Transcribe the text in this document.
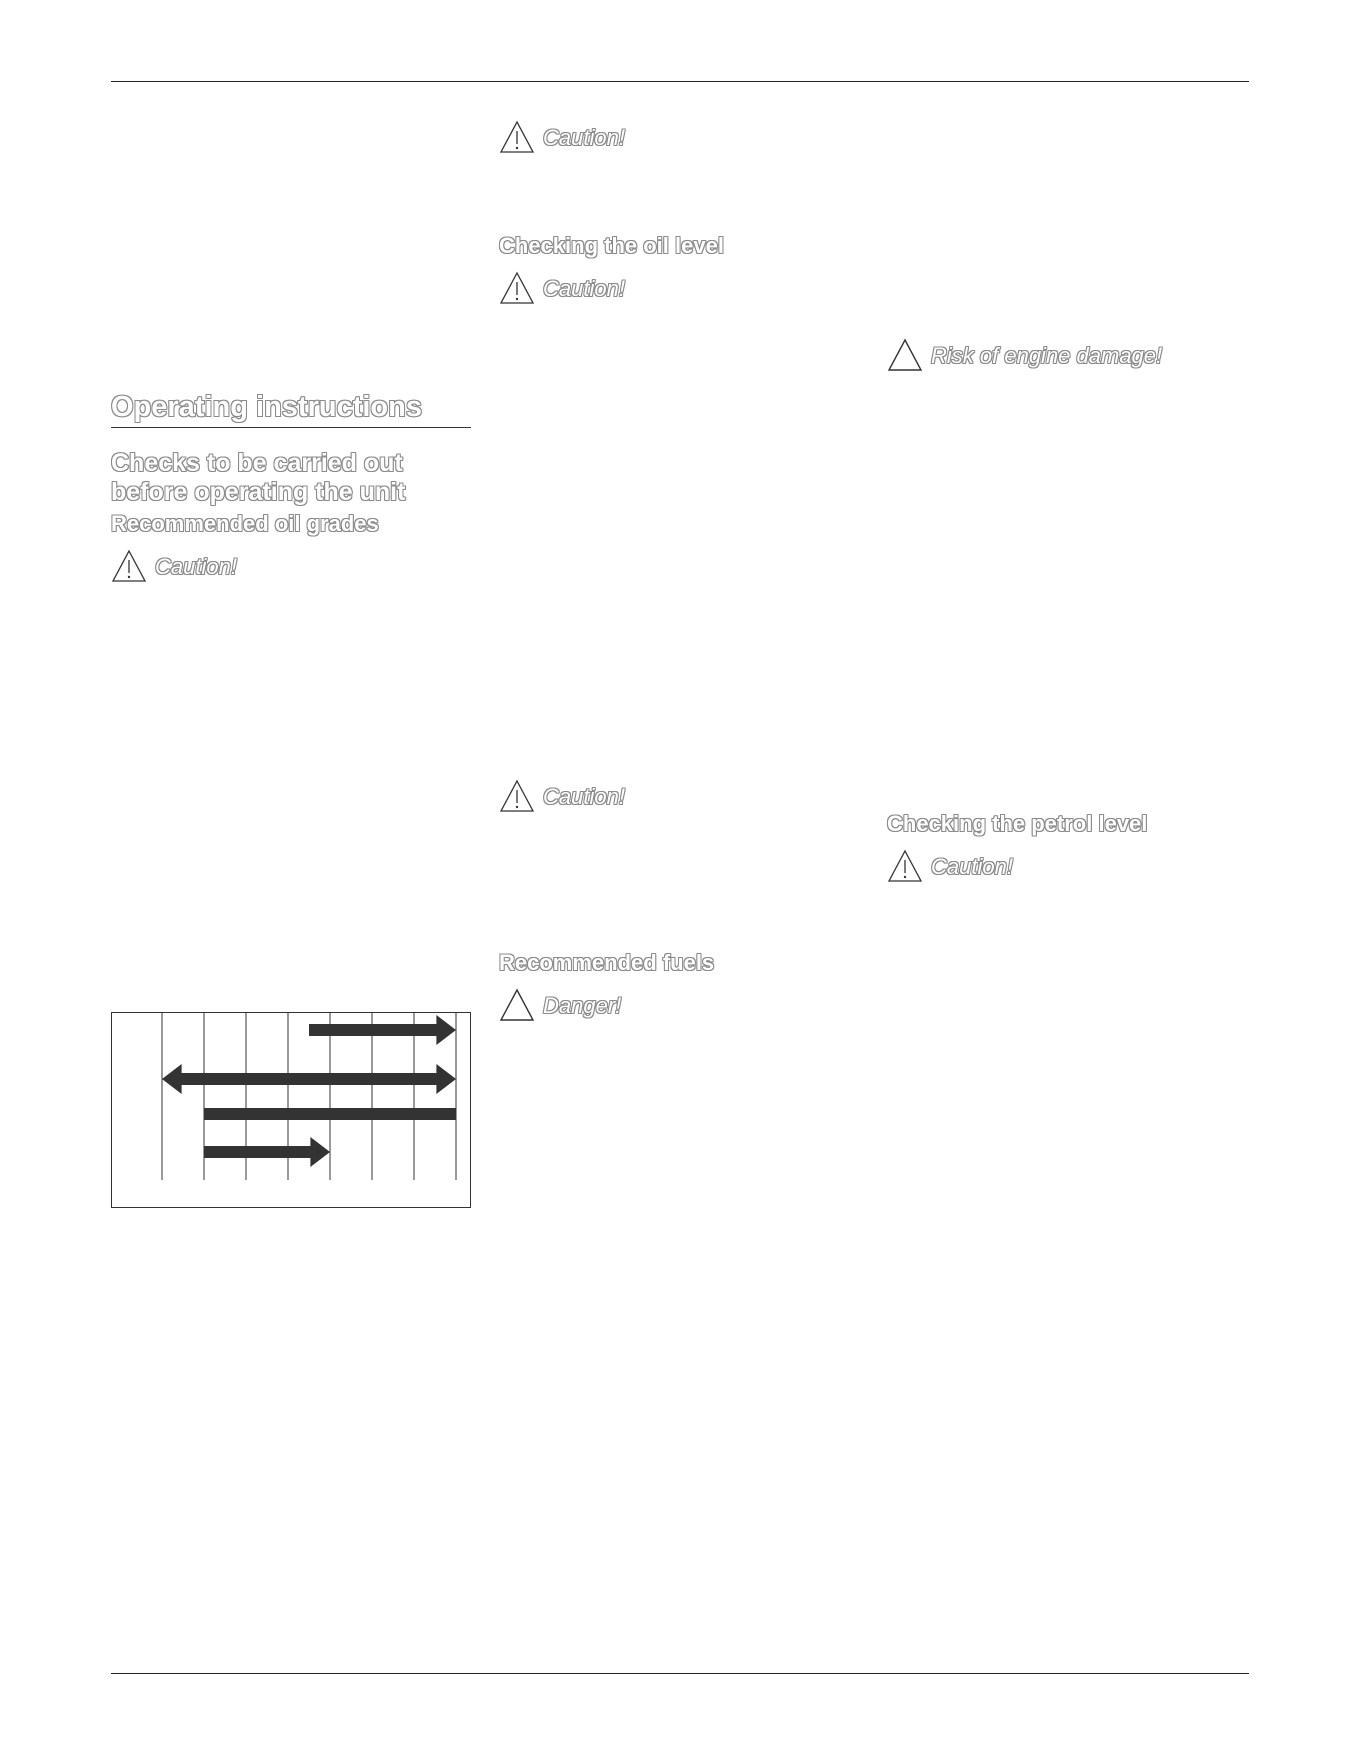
Operating instructions
Checks to be carried out
before operating the unit
Recommended oil grades
Caution!
Caution!
Checking the oil level
Caution!
Caution!
Recommended fuels
Danger!
Risk of engine damage!
Checking the petrol level
Caution!
